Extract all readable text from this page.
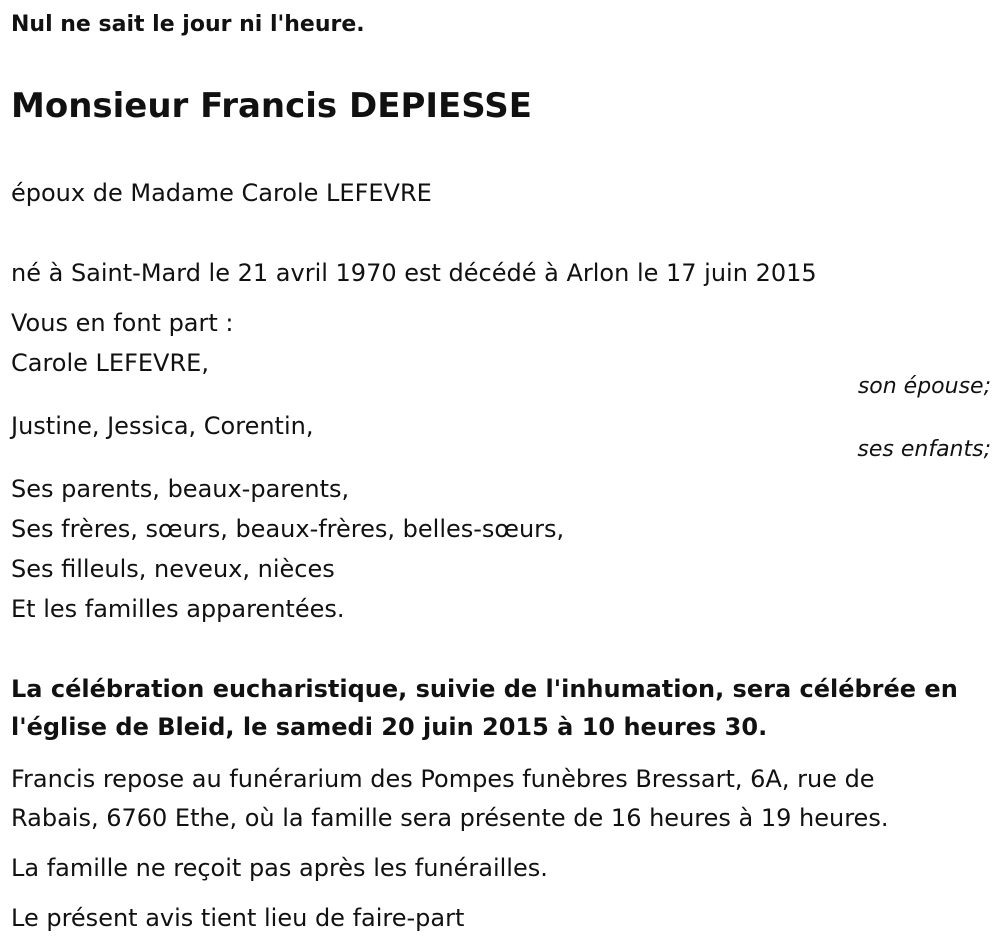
Nul ne sait le jour ni l'heure.
Monsieur Francis DEPIESSE
époux de Madame Carole LEFEVRE
né à Saint-Mard le 21 avril 1970 est décédé à Arlon le 17 juin 2015
Vous en font part :
Carole LEFEVRE,
son épouse;
Justine, Jessica, Corentin,
ses enfants;
Ses parents, beaux-parents,
Ses frères, sœurs, beaux-frères, belles-sœurs,
Ses filleuls, neveux, nièces
Et les familles apparentées.
La célébration eucharistique, suivie de l'inhumation, sera célébrée en
l'église de Bleid, le samedi 20 juin 2015 à 10 heures 30.
Francis repose au funérarium des Pompes funèbres Bressart, 6A, rue de
Rabais, 6760 Ethe, où la famille sera présente de 16 heures à 19 heures.
La famille ne reçoit pas après les funérailles.
Le présent avis tient lieu de faire-part
